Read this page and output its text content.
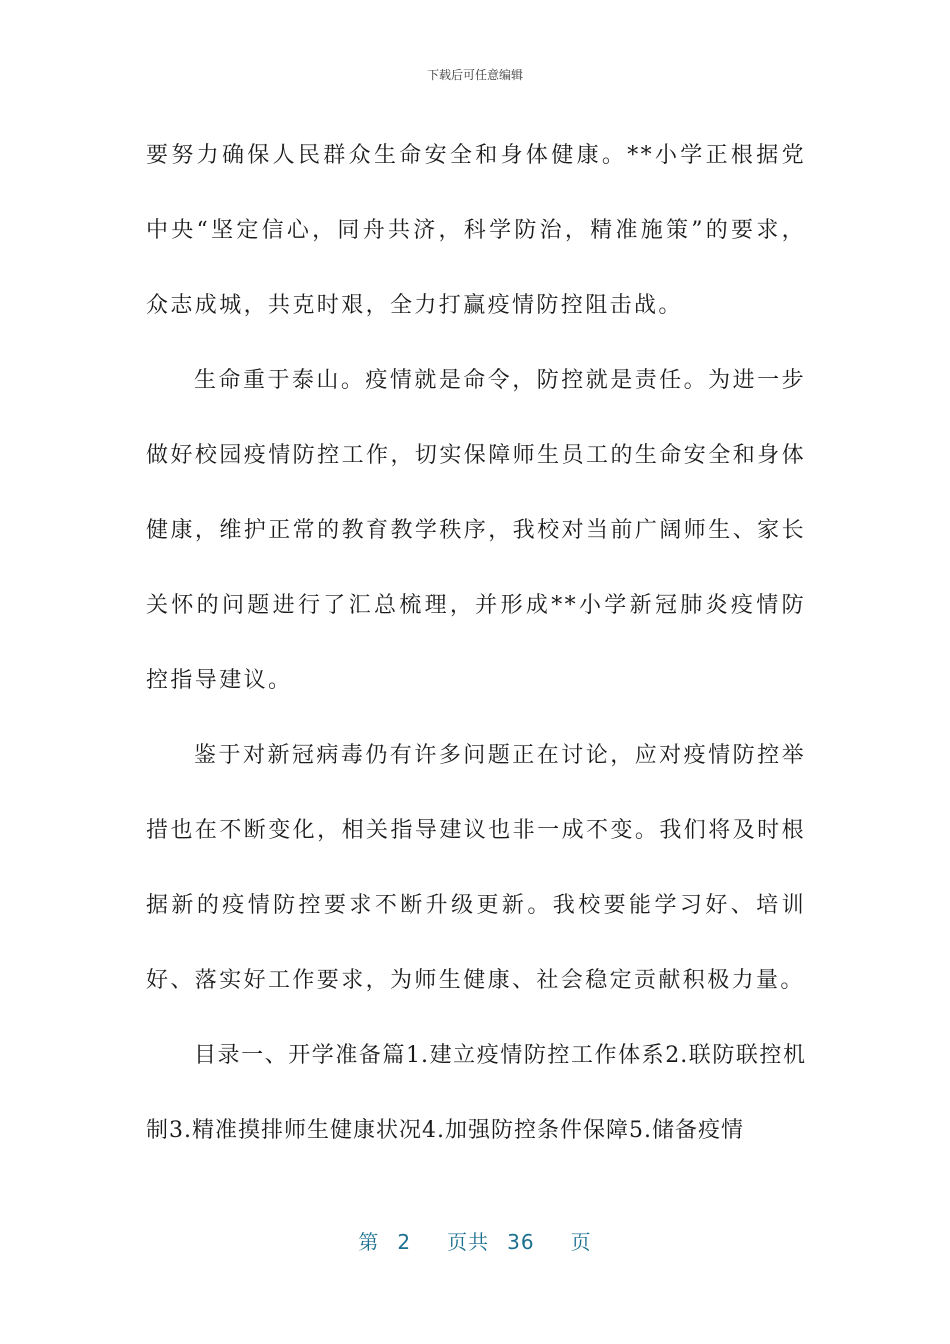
下载后可任意编辑

要努力确保人民群众生命安全和身体健康。**小学正根据党中央“坚定信心，同舟共济，科学防治，精准施策”的要求，众志成城，共克时艰，全力打赢疫情防控阻击战。

生命重于泰山。疫情就是命令，防控就是责任。为进一步做好校园疫情防控工作，切实保障师生员工的生命安全和身体健康，维护正常的教育教学秩序，我校对当前广阔师生、家长关怀的问题进行了汇总梳理，并形成**小学新冠肺炎疫情防控指导建议。

鉴于对新冠病毒仍有许多问题正在讨论，应对疫情防控举措也在不断变化，相关指导建议也非一成不变。我们将及时根据新的疫情防控要求不断升级更新。我校要能学习好、培训好、落实好工作要求，为师生健康、社会稳定贡献积极力量。

目录一、开学准备篇1.建立疫情防控工作体系2.联防联控机制3.精准摸排师生健康状况4.加强防控条件保障5.储备疫情

第 2 页共 36 页
